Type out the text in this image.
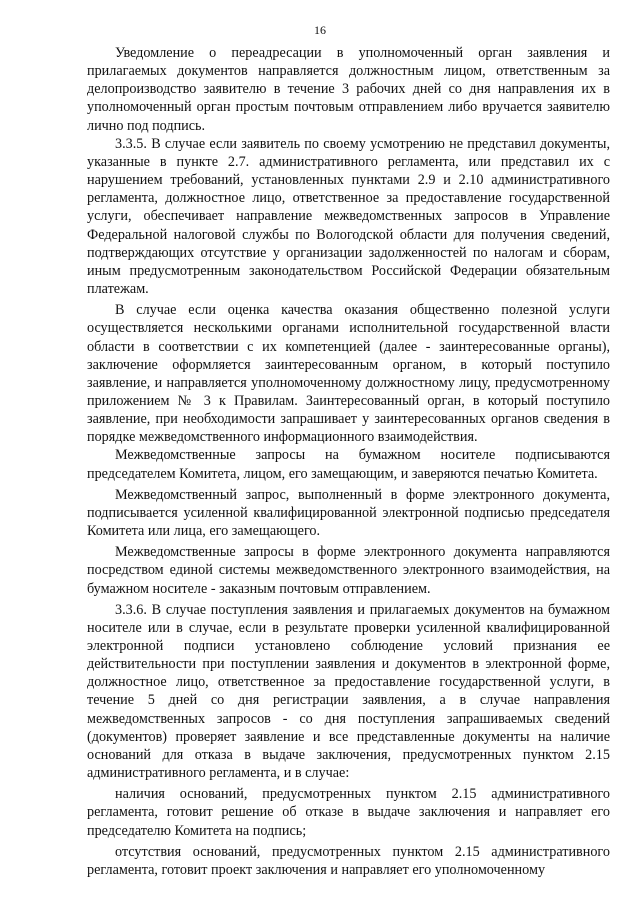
16

Уведомление о переадресации в уполномоченный орган заявления и прилагаемых документов направляется должностным лицом, ответственным за делопроизводство заявителю в течение 3 рабочих дней со дня направления их в уполномоченный орган простым почтовым отправлением либо вручается заявителю лично под подпись.

3.3.5. В случае если заявитель по своему усмотрению не представил документы, указанные в пункте 2.7. административного регламента, или представил их с нарушением требований, установленных пунктами 2.9 и 2.10 административного регламента, должностное лицо, ответственное за предоставление государственной услуги, обеспечивает направление межведомственных запросов в Управление Федеральной налоговой службы по Вологодской области для получения сведений, подтверждающих отсутствие у организации задолженностей по налогам и сборам, иным предусмотренным законодательством Российской Федерации обязательным платежам.

В случае если оценка качества оказания общественно полезной услуги осуществляется несколькими органами исполнительной государственной власти области в соответствии с их компетенцией (далее - заинтересованные органы), заключение оформляется заинтересованным органом, в который поступило заявление, и направляется уполномоченному должностному лицу, предусмотренному приложением № 3 к Правилам. Заинтересованный орган, в который поступило заявление, при необходимости запрашивает у заинтересованных органов сведения в порядке межведомственного информационного взаимодействия.

Межведомственные запросы на бумажном носителе подписываются председателем Комитета, лицом, его замещающим, и заверяются печатью Комитета.

Межведомственный запрос, выполненный в форме электронного документа, подписывается усиленной квалифицированной электронной подписью председателя Комитета или лица, его замещающего.

Межведомственные запросы в форме электронного документа направляются посредством единой системы межведомственного электронного взаимодействия, на бумажном носителе - заказным почтовым отправлением.

3.3.6. В случае поступления заявления и прилагаемых документов на бумажном носителе или в случае, если в результате проверки усиленной квалифицированной электронной подписи установлено соблюдение условий признания ее действительности при поступлении заявления и документов в электронной форме, должностное лицо, ответственное за предоставление государственной услуги, в течение 5 дней со дня регистрации заявления, а в случае направления межведомственных запросов - со дня поступления запрашиваемых сведений (документов) проверяет заявление и все представленные документы на наличие оснований для отказа в выдаче заключения, предусмотренных пунктом 2.15 административного регламента, и в случае:

наличия оснований, предусмотренных пунктом 2.15 административного регламента, готовит решение об отказе в выдаче заключения и направляет его председателю Комитета на подпись;

отсутствия оснований, предусмотренных пунктом 2.15 административного регламента, готовит проект заключения и направляет его уполномоченному
